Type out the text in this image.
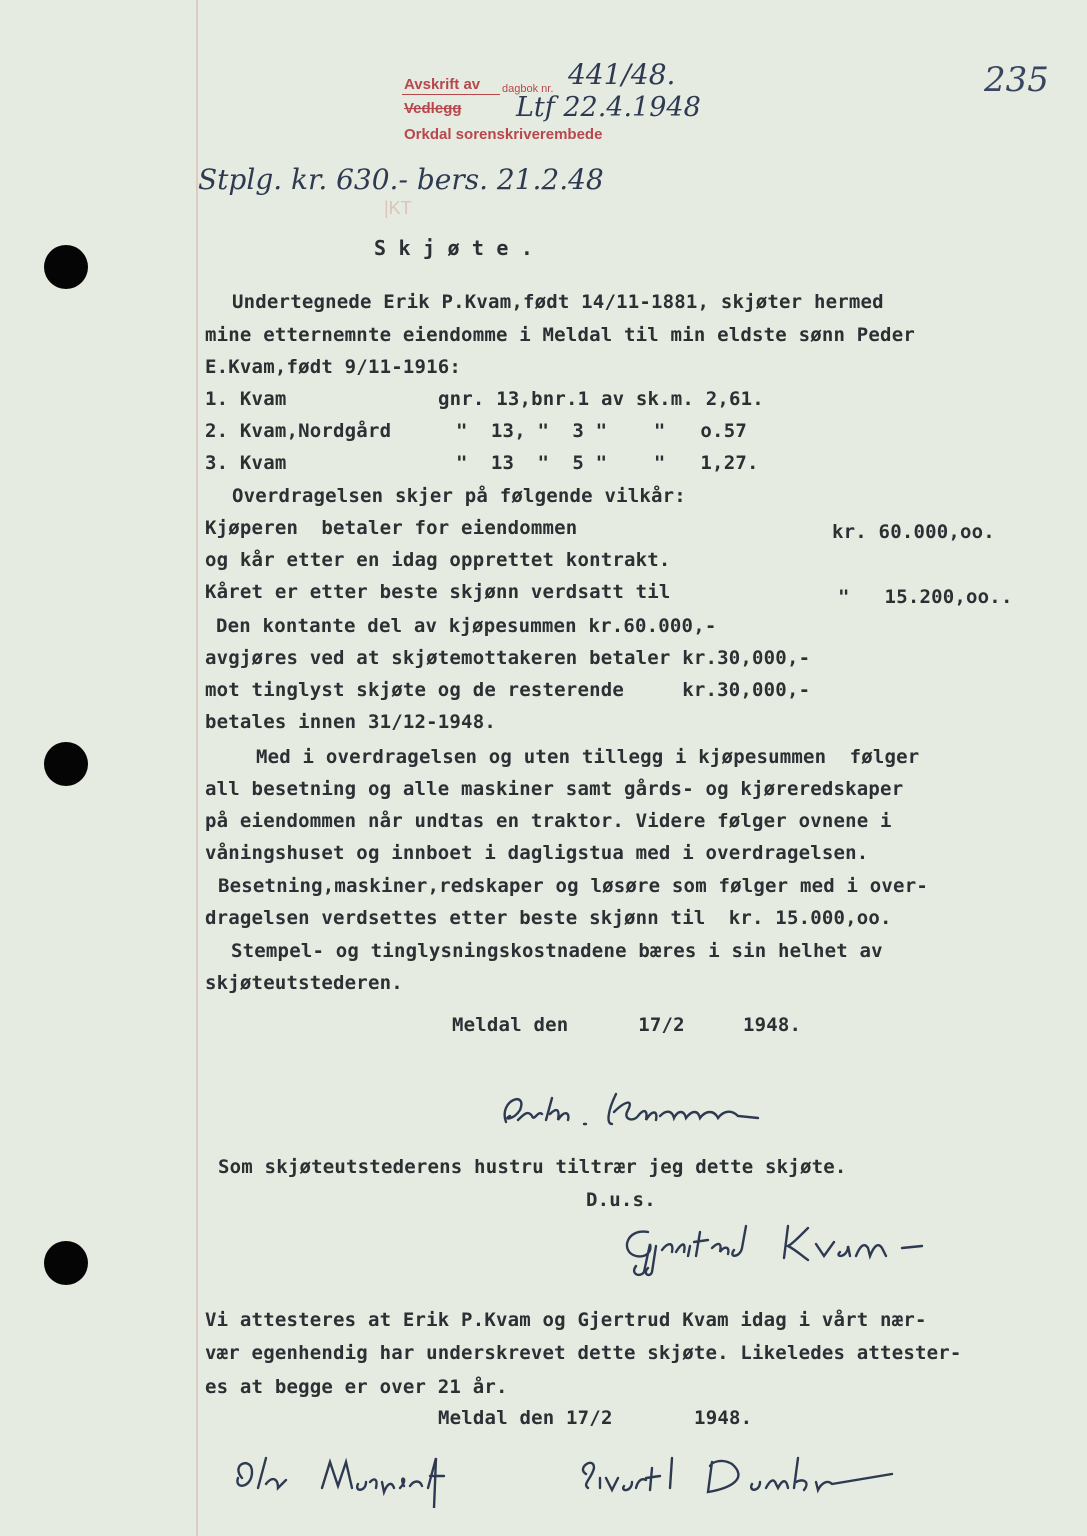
235
Avskrift av dagbok nr. 441/48.
Vedlegg Ltf 22.4.1948
Orkdal sorenskriverembede
|KT
Stplg. kr. 630.- bers. 21.2.48
S k j ø t e .
Undertegnede Erik P.Kvam,født 14/11-1881, skjøter hermed
mine etternemnte eiendomme i Meldal til min eldste sønn Peder
E.Kvam,født 9/11-1916:
1. Kvam	gnr. 13,bnr.1 av sk.m. 2,61.
2. Kvam,Nordgård	"  13, "  3 "    "   o.57
3. Kvam	"  13  "  5 "    "   1,27.
Overdragelsen skjer på følgende vilkår:
Kjøperen  betaler for eiendommen	kr. 60.000,oo.
og kår etter en idag opprettet kontrakt.
Kåret er etter beste skjønn verdsatt til	"   15.200,oo..
Den kontante del av kjøpesummen kr.60.000,-
avgjøres ved at skjøtemottakeren betaler kr.30,000,-
mot tinglyst skjøte og de resterende     kr.30,000,-
betales innen 31/12-1948.
Med i overdragelsen og uten tillegg i kjøpesummen  følger
all besetning og alle maskiner samt gårds- og kjøreredskaper
på eiendommen når undtas en traktor. Videre følger ovnene i
våningshuset og innboet i dagligstua med i overdragelsen.
Besetning,maskiner,redskaper og løsøre som følger med i over-
dragelsen verdsettes etter beste skjønn til  kr. 15.000,oo.
Stempel- og tinglysningskostnadene bæres i sin helhet av
skjøteutstederen.
Meldal den      17/2     1948.
Som skjøteutstederens hustru tiltrær jeg dette skjøte.
D.u.s.
Vi attesteres at Erik P.Kvam og Gjertrud Kvam idag i vårt nær-
vær egenhendig har underskrevet dette skjøte. Likeledes attester-
es at begge er over 21 år.
Meldal den 17/2       1948.
